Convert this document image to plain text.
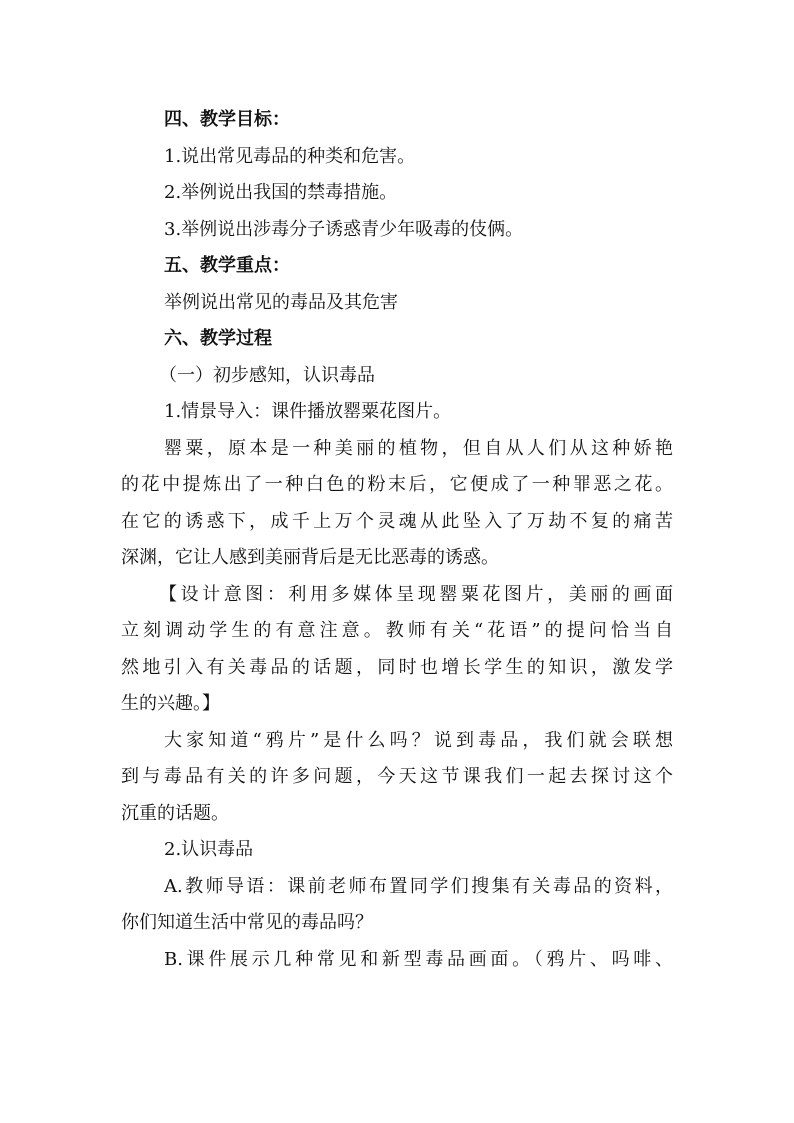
四、教学目标：
1.说出常见毒品的种类和危害。
2.举例说出我国的禁毒措施。
3.举例说出涉毒分子诱惑青少年吸毒的伎俩。
五、教学重点：
举例说出常见的毒品及其危害
六、教学过程
（一）初步感知，认识毒品
1.情景导入：课件播放罂粟花图片。
罂粟，原本是一种美丽的植物，但自从人们从这种娇艳
的花中提炼出了一种白色的粉末后，它便成了一种罪恶之花。
在它的诱惑下，成千上万个灵魂从此坠入了万劫不复的痛苦
深渊，它让人感到美丽背后是无比恶毒的诱惑。
【设计意图：利用多媒体呈现罂粟花图片，美丽的画面
立刻调动学生的有意注意。教师有关“花语”的提问恰当自
然地引入有关毒品的话题，同时也增长学生的知识，激发学
生的兴趣。】
大家知道“鸦片”是什么吗？说到毒品，我们就会联想
到与毒品有关的许多问题，今天这节课我们一起去探讨这个
沉重的话题。
2.认识毒品
A.教师导语：课前老师布置同学们搜集有关毒品的资料，
你们知道生活中常见的毒品吗？
B.课件展示几种常见和新型毒品画面。（鸦片、吗啡、
